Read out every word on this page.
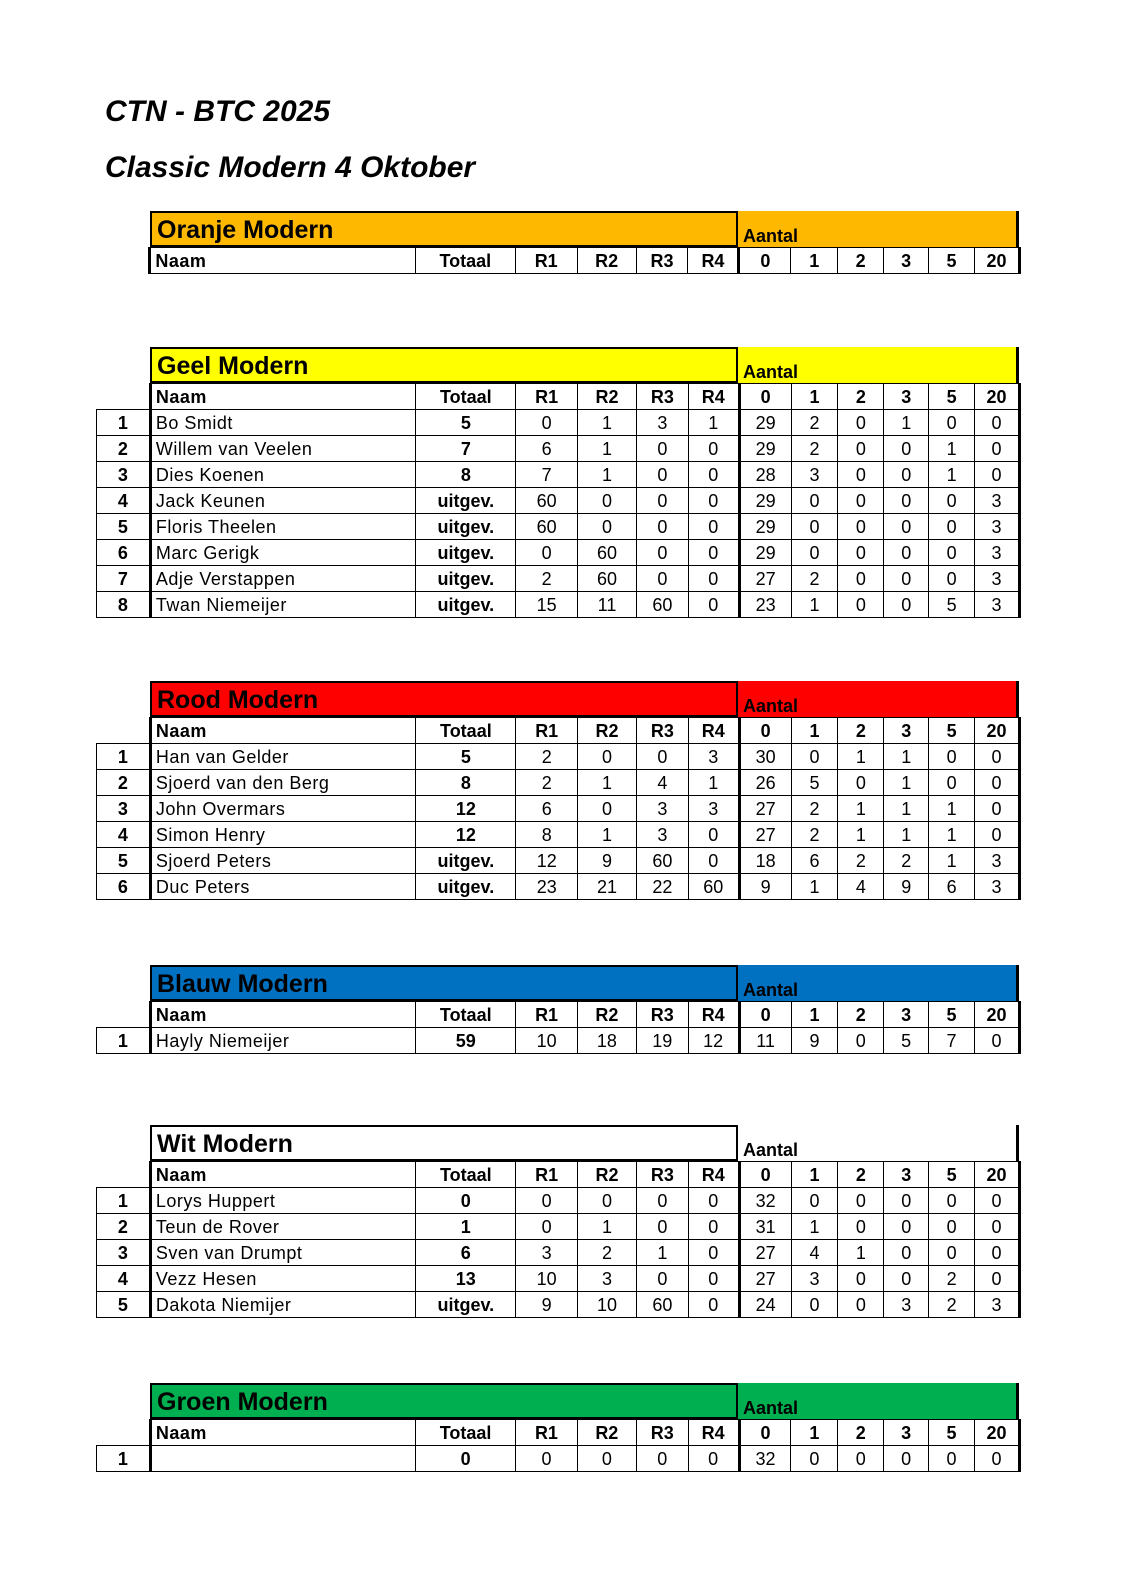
CTN - BTC 2025
Classic Modern 4 Oktober
Oranje Modern	Aantal
	Naam	Totaal	R1	R2	R3	R4	0	1	2	3	5	20
Geel Modern	Aantal
	Naam	Totaal	R1	R2	R3	R4	0	1	2	3	5	20
1	Bo Smidt	5	0	1	3	1	29	2	0	1	0	0
2	Willem van Veelen	7	6	1	0	0	29	2	0	0	1	0
3	Dies Koenen	8	7	1	0	0	28	3	0	0	1	0
4	Jack Keunen	uitgev.	60	0	0	0	29	0	0	0	0	3
5	Floris Theelen	uitgev.	60	0	0	0	29	0	0	0	0	3
6	Marc Gerigk	uitgev.	0	60	0	0	29	0	0	0	0	3
7	Adje Verstappen	uitgev.	2	60	0	0	27	2	0	0	0	3
8	Twan Niemeijer	uitgev.	15	11	60	0	23	1	0	0	5	3
Rood Modern	Aantal
	Naam	Totaal	R1	R2	R3	R4	0	1	2	3	5	20
1	Han van Gelder	5	2	0	0	3	30	0	1	1	0	0
2	Sjoerd van den Berg	8	2	1	4	1	26	5	0	1	0	0
3	John Overmars	12	6	0	3	3	27	2	1	1	1	0
4	Simon Henry	12	8	1	3	0	27	2	1	1	1	0
5	Sjoerd Peters	uitgev.	12	9	60	0	18	6	2	2	1	3
6	Duc Peters	uitgev.	23	21	22	60	9	1	4	9	6	3
Blauw Modern	Aantal
	Naam	Totaal	R1	R2	R3	R4	0	1	2	3	5	20
1	Hayly Niemeijer	59	10	18	19	12	11	9	0	5	7	0
Wit Modern	Aantal
	Naam	Totaal	R1	R2	R3	R4	0	1	2	3	5	20
1	Lorys Huppert	0	0	0	0	0	32	0	0	0	0	0
2	Teun de Rover	1	0	1	0	0	31	1	0	0	0	0
3	Sven van Drumpt	6	3	2	1	0	27	4	1	0	0	0
4	Vezz Hesen	13	10	3	0	0	27	3	0	0	2	0
5	Dakota Niemijer	uitgev.	9	10	60	0	24	0	0	3	2	3
Groen Modern	Aantal
	Naam	Totaal	R1	R2	R3	R4	0	1	2	3	5	20
1		0	0	0	0	0	32	0	0	0	0	0
